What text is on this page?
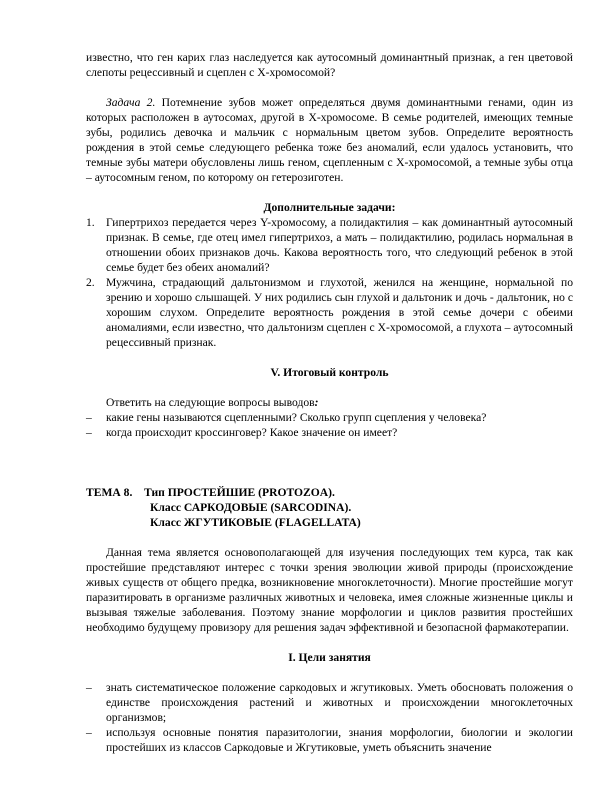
известно, что ген карих глаз наследуется как аутосомный доминантный признак, а ген цветовой слепоты рецессивный и сцеплен с Х-хромосомой?

Задача 2. Потемнение зубов может определяться двумя доминантными генами, один из которых расположен в аутосомах, другой в Х-хромосоме. В семье родителей, имеющих темные зубы, родились девочка и мальчик с нормальным цветом зубов. Определите вероятность рождения в этой семье следующего ребенка тоже без аномалий, если удалось установить, что темные зубы матери обусловлены лишь геном, сцепленным с Х-хромосомой, а темные зубы отца – аутосомным геном, по которому он гетерозиготен.

Дополнительные задачи:

1. Гипертрихоз передается через Y-хромосому, а полидактилия – как доминантный аутосомный признак. В семье, где отец имел гипертрихоз, а мать – полидактилию, родилась нормальная в отношении обоих признаков дочь. Какова вероятность того, что следующий ребенок в этой семье будет без обеих аномалий?
2. Мужчина, страдающий дальтонизмом и глухотой, женился на женщине, нормальной по зрению и хорошо слышащей. У них родились сын глухой и дальтоник и дочь - дальтоник, но с хорошим слухом. Определите вероятность рождения в этой семье дочери с обеими аномалиями, если известно, что дальтонизм сцеплен с Х-хромосомой, а глухота – аутосомный рецессивный признак.

V. Итоговый контроль

Ответить на следующие вопросы выводов:

– какие гены называются сцепленными? Сколько групп сцепления у человека?
– когда происходит кроссинговер? Какое значение он имеет?
ТЕМА 8.	Тип ПРОСТЕЙШИЕ (PROTOZOA).
Класс САРКОДОВЫЕ (SARCODINA).
Класс ЖГУТИКОВЫЕ (FLAGELLATA)

Данная тема является основополагающей для изучения последующих тем курса, так как простейшие представляют интерес с точки зрения эволюции живой природы (происхождение живых существ от общего предка, возникновение многоклеточности). Многие простейшие могут паразитировать в организме различных животных и человека, имея сложные жизненные циклы и вызывая тяжелые заболевания. Поэтому знание морфологии и циклов развития простейших необходимо будущему провизору для решения задач эффективной и безопасной фармакотерапии.

I. Цели занятия

– знать систематическое положение саркодовых и жгутиковых. Уметь обосновать положения о единстве происхождения растений и животных и происхождении многоклеточных организмов;
– используя основные понятия паразитологии, знания морфологии, биологии и экологии простейших из классов Саркодовые и Жгутиковые, уметь объяснить значение
